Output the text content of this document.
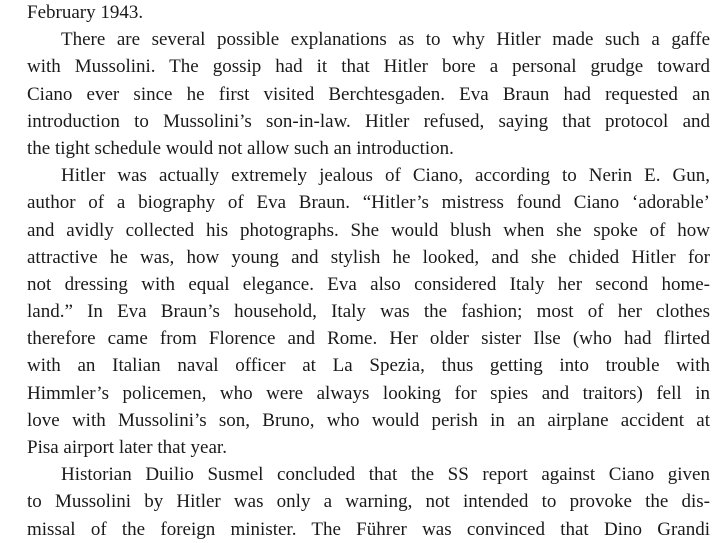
February 1943.
There are several possible explanations as to why Hitler made such a gaffe
with Mussolini. The gossip had it that Hitler bore a personal grudge toward
Ciano ever since he first visited Berchtesgaden. Eva Braun had requested an
introduction to Mussolini’s son-in-law. Hitler refused, saying that protocol and
the tight schedule would not allow such an introduction.
Hitler was actually extremely jealous of Ciano, according to Nerin E. Gun,
author of a biography of Eva Braun. “Hitler’s mistress found Ciano ‘adorable’
and avidly collected his photographs. She would blush when she spoke of how
attractive he was, how young and stylish he looked, and she chided Hitler for
not dressing with equal elegance. Eva also considered Italy her second home-
land.” In Eva Braun’s household, Italy was the fashion; most of her clothes
therefore came from Florence and Rome. Her older sister Ilse (who had flirted
with an Italian naval officer at La Spezia, thus getting into trouble with
Himmler’s policemen, who were always looking for spies and traitors) fell in
love with Mussolini’s son, Bruno, who would perish in an airplane accident at
Pisa airport later that year.
Historian Duilio Susmel concluded that the SS report against Ciano given
to Mussolini by Hitler was only a warning, not intended to provoke the dis-
missal of the foreign minister. The Führer was convinced that Dino Grandi
